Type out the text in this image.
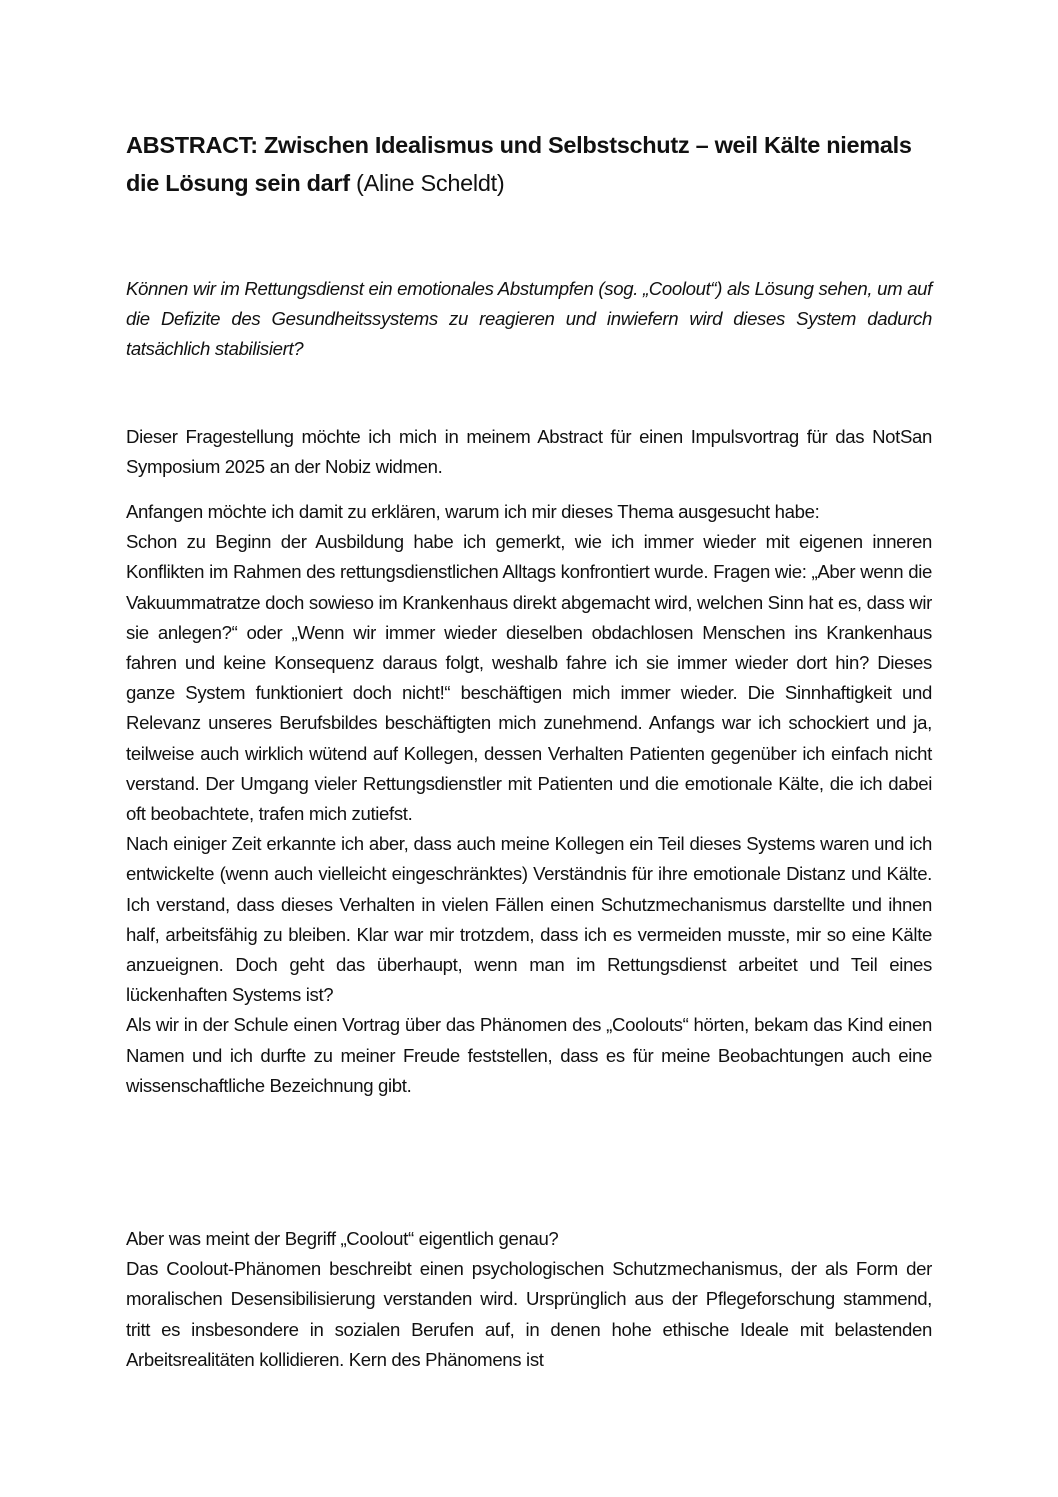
ABSTRACT: Zwischen Idealismus und Selbstschutz – weil Kälte niemals die Lösung sein darf (Aline Scheldt)

Können wir im Rettungsdienst ein emotionales Abstumpfen (sog. „Coolout“) als Lösung sehen, um auf die Defizite des Gesundheitssystems zu reagieren und inwiefern wird dieses System dadurch tatsächlich stabilisiert?

Dieser Fragestellung möchte ich mich in meinem Abstract für einen Impulsvortrag für das NotSan Symposium 2025 an der Nobiz widmen.

Anfangen möchte ich damit zu erklären, warum ich mir dieses Thema ausgesucht habe:

Schon zu Beginn der Ausbildung habe ich gemerkt, wie ich immer wieder mit eigenen inneren Konflikten im Rahmen des rettungsdienstlichen Alltags konfrontiert wurde. Fragen wie: „Aber wenn die Vakuummatratze doch sowieso im Krankenhaus direkt abgemacht wird, welchen Sinn hat es, dass wir sie anlegen?“ oder „Wenn wir immer wieder dieselben obdachlosen Menschen ins Krankenhaus fahren und keine Konsequenz daraus folgt, weshalb fahre ich sie immer wieder dort hin? Dieses ganze System funktioniert doch nicht!“ beschäftigen mich immer wieder. Die Sinnhaftigkeit und Relevanz unseres Berufsbildes beschäftigten mich zunehmend. Anfangs war ich schockiert und ja, teilweise auch wirklich wütend auf Kollegen, dessen Verhalten Patienten gegenüber ich einfach nicht verstand. Der Umgang vieler Rettungsdienstler mit Patienten und die emotionale Kälte, die ich dabei oft beobachtete, trafen mich zutiefst.

Nach einiger Zeit erkannte ich aber, dass auch meine Kollegen ein Teil dieses Systems waren und ich entwickelte (wenn auch vielleicht eingeschränktes) Verständnis für ihre emotionale Distanz und Kälte. Ich verstand, dass dieses Verhalten in vielen Fällen einen Schutzmechanismus darstellte und ihnen half, arbeitsfähig zu bleiben. Klar war mir trotzdem, dass ich es vermeiden musste, mir so eine Kälte anzueignen. Doch geht das überhaupt, wenn man im Rettungsdienst arbeitet und Teil eines lückenhaften Systems ist?

Als wir in der Schule einen Vortrag über das Phänomen des „Coolouts“ hörten, bekam das Kind einen Namen und ich durfte zu meiner Freude feststellen, dass es für meine Beobachtungen auch eine wissenschaftliche Bezeichnung gibt.

Aber was meint der Begriff „Coolout“ eigentlich genau?

Das Coolout-Phänomen beschreibt einen psychologischen Schutzmechanismus, der als Form der moralischen Desensibilisierung verstanden wird. Ursprünglich aus der Pflegeforschung stammend, tritt es insbesondere in sozialen Berufen auf, in denen hohe ethische Ideale mit belastenden Arbeitsrealitäten kollidieren. Kern des Phänomens ist
